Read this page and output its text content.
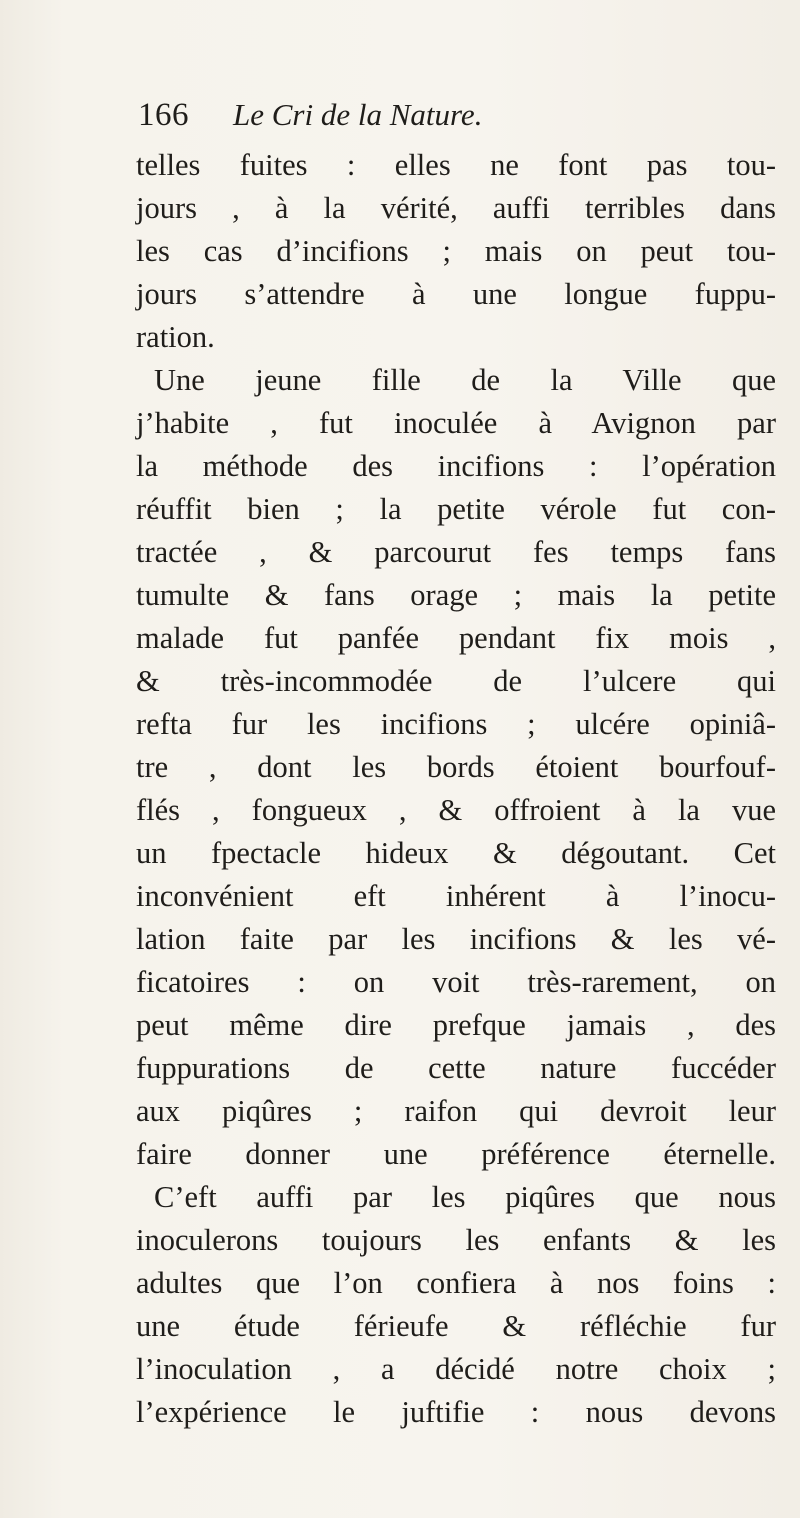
166 Le Cri de la Nature.
telles fuites : elles ne font pas tou-
jours , à la vérité, auffi terribles dans
les cas d’incifions ; mais on peut tou-
jours s’attendre à une longue fuppu-
ration.
Une jeune fille de la Ville que
j’habite , fut inoculée à Avignon par
la méthode des incifions : l’opération
réuffit bien ; la petite vérole fut con-
tractée , & parcourut fes temps fans
tumulte & fans orage ; mais la petite
malade fut panfée pendant fix mois ,
& très-incommodée de l’ulcere qui
refta fur les incifions ; ulcére opiniâ-
tre , dont les bords étoient bourfouf-
flés , fongueux , & offroient à la vue
un fpectacle hideux & dégoutant. Cet
inconvénient eft inhérent à l’inocu-
lation faite par les incifions & les vé-
ficatoires : on voit très-rarement, on
peut même dire prefque jamais , des
fuppurations de cette nature fuccéder
aux piqûres ; raifon qui devroit leur
faire donner une préférence éternelle.
C’eft auffi par les piqûres que nous
inoculerons toujours les enfants & les
adultes que l’on confiera à nos foins :
une étude férieufe & réfléchie fur
l’inoculation , a décidé notre choix ;
l’expérience le juftifie : nous devons
